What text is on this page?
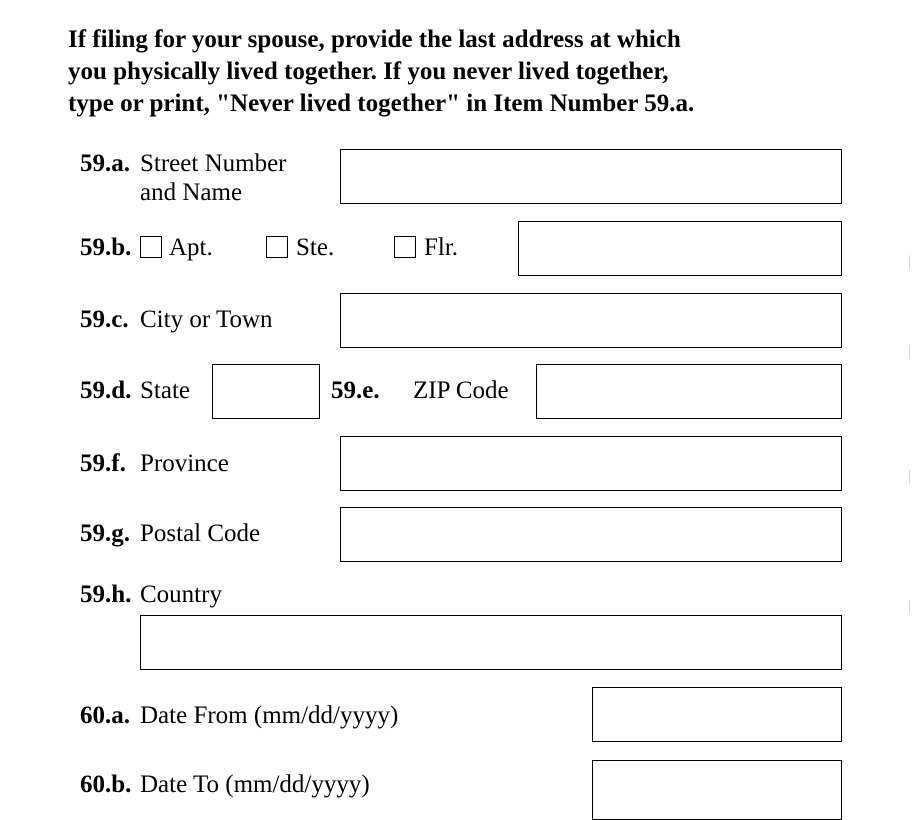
If filing for your spouse, provide the last address at which
you physically lived together. If you never lived together,
type or print, "Never lived together" in Item Number 59.a.
59.a. Street Number
and Name
59.b. Apt.	Ste.	Flr.
59.c. City or Town
59.d. State	59.e. ZIP Code
59.f. Province
59.g. Postal Code
59.h. Country
60.a. Date From (mm/dd/yyyy)
60.b. Date To (mm/dd/yyyy)
